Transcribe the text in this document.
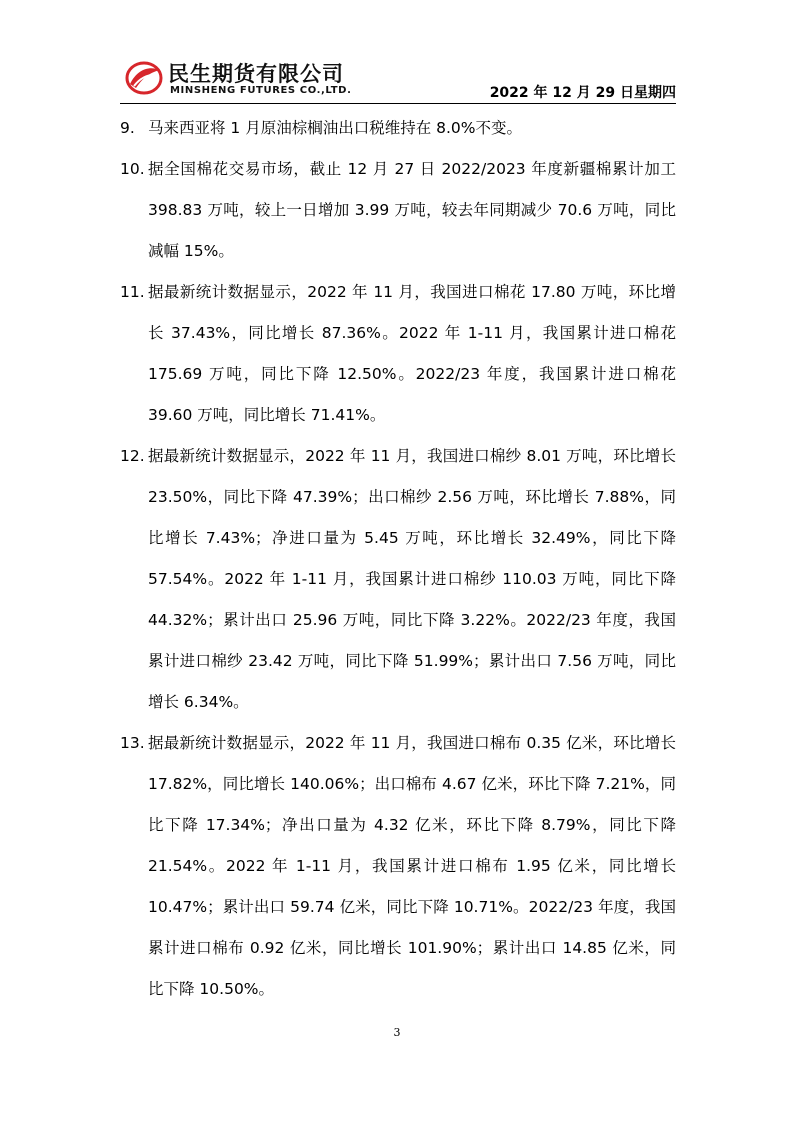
民生期货有限公司
MINSHENG FUTURES CO.,LTD.	2022 年 12 月 29 日星期四
9. 马来西亚将 1 月原油棕榈油出口税维持在 8.0%不变。
10. 据全国棉花交易市场，截止 12 月 27 日 2022/2023 年度新疆棉累计加工 398.83 万吨，较上一日增加 3.99 万吨，较去年同期减少 70.6 万吨，同比减幅 15%。
11. 据最新统计数据显示，2022 年 11 月，我国进口棉花 17.80 万吨，环比增长 37.43%，同比增长 87.36%。2022 年 1-11 月，我国累计进口棉花 175.69 万吨，同比下降 12.50%。2022/23 年度，我国累计进口棉花 39.60 万吨，同比增长 71.41%。
12. 据最新统计数据显示，2022 年 11 月，我国进口棉纱 8.01 万吨，环比增长 23.50%，同比下降 47.39%；出口棉纱 2.56 万吨，环比增长 7.88%，同比增长 7.43%；净进口量为 5.45 万吨，环比增长 32.49%，同比下降 57.54%。2022 年 1-11 月，我国累计进口棉纱 110.03 万吨，同比下降 44.32%；累计出口 25.96 万吨，同比下降 3.22%。2022/23 年度，我国累计进口棉纱 23.42 万吨，同比下降 51.99%；累计出口 7.56 万吨，同比增长 6.34%。
13. 据最新统计数据显示，2022 年 11 月，我国进口棉布 0.35 亿米，环比增长 17.82%，同比增长 140.06%；出口棉布 4.67 亿米，环比下降 7.21%，同比下降 17.34%；净出口量为 4.32 亿米，环比下降 8.79%，同比下降 21.54%。2022 年 1-11 月，我国累计进口棉布 1.95 亿米，同比增长 10.47%；累计出口 59.74 亿米，同比下降 10.71%。2022/23 年度，我国累计进口棉布 0.92 亿米，同比增长 101.90%；累计出口 14.85 亿米，同比下降 10.50%。
3
